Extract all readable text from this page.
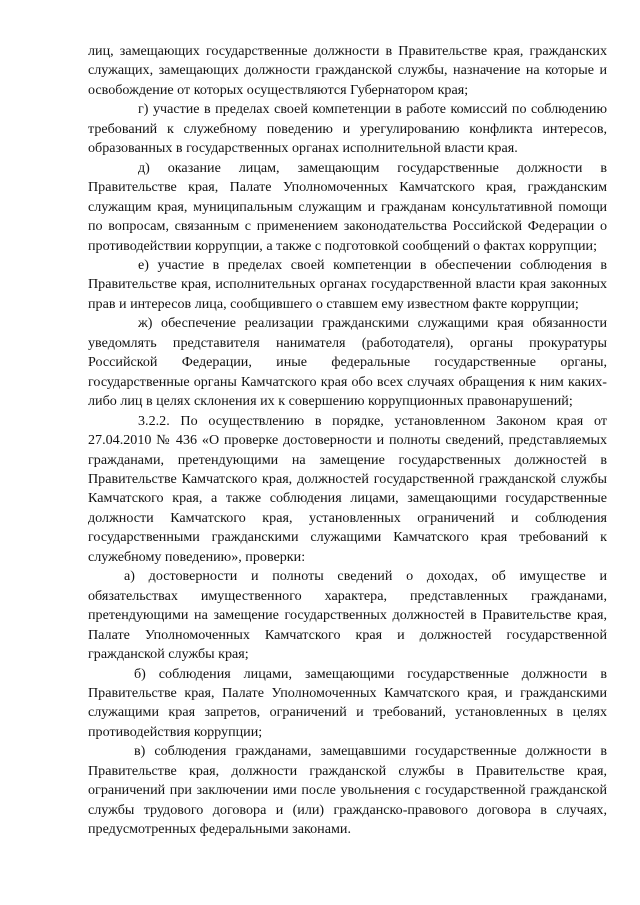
лиц, замещающих государственные должности в Правительстве края, гражданских служащих, замещающих должности гражданской службы, назначение на которые и освобождение от которых осуществляются Губернатором края;

г) участие в пределах своей компетенции в работе комиссий по соблюдению требований к служебному поведению и урегулированию конфликта интересов, образованных в государственных органах исполнительной власти края.

д) оказание лицам, замещающим государственные должности в Правительстве края, Палате Уполномоченных Камчатского края, гражданским служащим края, муниципальным служащим и гражданам консультативной помощи по вопросам, связанным с применением законодательства Российской Федерации о противодействии коррупции, а также с подготовкой сообщений о фактах коррупции;

е) участие в пределах своей компетенции в обеспечении соблюдения в Правительстве края, исполнительных органах государственной власти края законных прав и интересов лица, сообщившего о ставшем ему известном факте коррупции;

ж) обеспечение реализации гражданскими служащими края обязанности уведомлять представителя нанимателя (работодателя), органы прокуратуры Российской Федерации, иные федеральные государственные органы, государственные органы Камчатского края обо всех случаях обращения к ним каких-либо лиц в целях склонения их к совершению коррупционных правонарушений;

3.2.2. По осуществлению в порядке, установленном Законом края от 27.04.2010 № 436 «О проверке достоверности и полноты сведений, представляемых гражданами, претендующими на замещение государственных должностей в Правительстве Камчатского края, должностей государственной гражданской службы Камчатского края, а также соблюдения лицами, замещающими государственные должности Камчатского края, установленных ограничений и соблюдения государственными гражданскими служащими Камчатского края требований к служебному поведению», проверки:

а) достоверности и полноты сведений о доходах, об имуществе и обязательствах имущественного характера, представленных гражданами, претендующими на замещение государственных должностей в Правительстве края, Палате Уполномоченных Камчатского края и должностей государственной гражданской службы края;

б) соблюдения лицами, замещающими государственные должности в Правительстве края, Палате Уполномоченных Камчатского края, и гражданскими служащими края запретов, ограничений и требований, установленных в целях противодействия коррупции;

в) соблюдения гражданами, замещавшими государственные должности в Правительстве края, должности гражданской службы в Правительстве края, ограничений при заключении ими после увольнения с государственной гражданской службы трудового договора и (или) гражданско-правового договора в случаях, предусмотренных федеральными законами.
